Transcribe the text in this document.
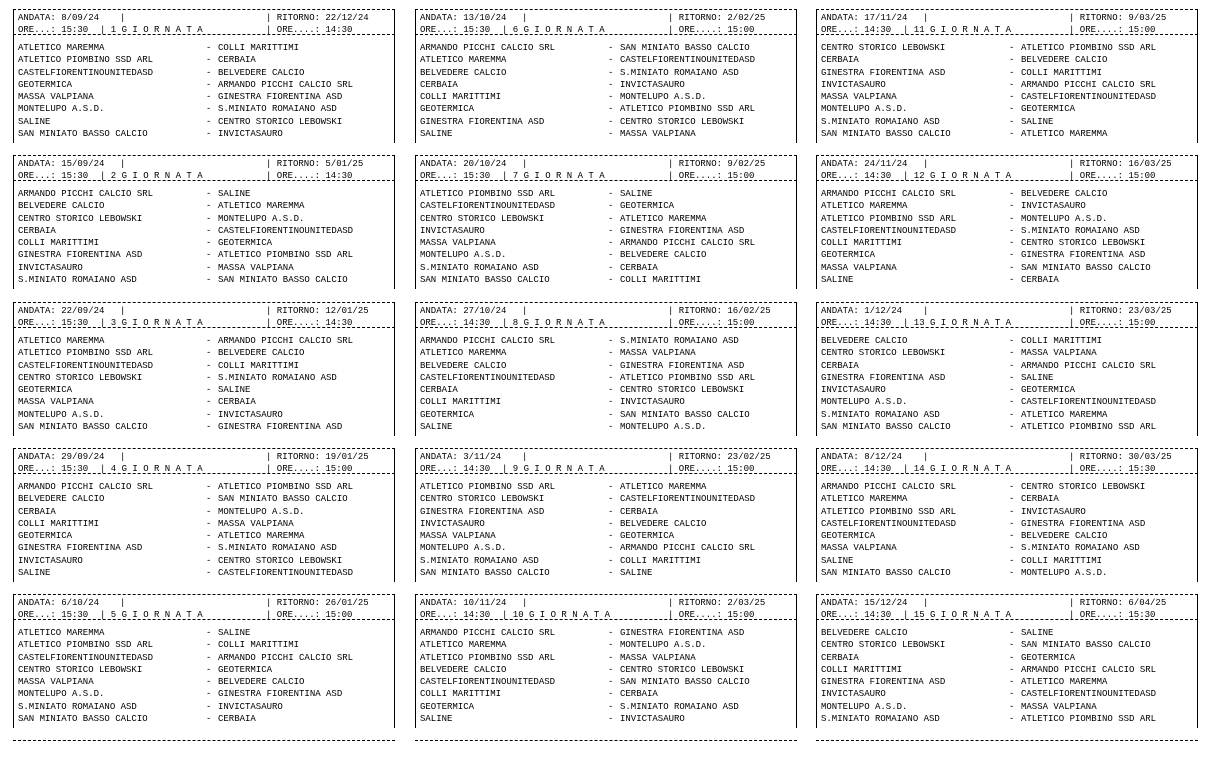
ANDATA: 8/09/24 |	| RITORNO: 22/12/24
ORE...: 15:30 | 1 G I O R N A T A	| ORE....: 14:30
ATLETICO MAREMMA	- COLLI MARITTIMI
ATLETICO PIOMBINO SSD ARL	- CERBAIA
CASTELFIORENTINOUNITEDASD	- BELVEDERE CALCIO
GEOTERMICA	- ARMANDO PICCHI CALCIO SRL
MASSA VALPIANA	- GINESTRA FIORENTINA ASD
MONTELUPO A.S.D.	- S.MINIATO ROMAIANO ASD
SALINE	- CENTRO STORICO LEBOWSKI
SAN MINIATO BASSO CALCIO	- INVICTASAURO
ANDATA: 15/09/24 |	| RITORNO: 5/01/25
ORE...: 15:30 | 2 G I O R N A T A	| ORE....: 14:30
ARMANDO PICCHI CALCIO SRL	- SALINE
BELVEDERE CALCIO	- ATLETICO MAREMMA
CENTRO STORICO LEBOWSKI	- MONTELUPO A.S.D.
CERBAIA	- CASTELFIORENTINOUNITEDASD
COLLI MARITTIMI	- GEOTERMICA
GINESTRA FIORENTINA ASD	- ATLETICO PIOMBINO SSD ARL
INVICTASAURO	- MASSA VALPIANA
S.MINIATO ROMAIANO ASD	- SAN MINIATO BASSO CALCIO
ANDATA: 22/09/24 |	| RITORNO: 12/01/25
ORE...: 15:30 | 3 G I O R N A T A	| ORE....: 14:30
ATLETICO MAREMMA	- ARMANDO PICCHI CALCIO SRL
ATLETICO PIOMBINO SSD ARL	- BELVEDERE CALCIO
CASTELFIORENTINOUNITEDASD	- COLLI MARITTIMI
CENTRO STORICO LEBOWSKI	- S.MINIATO ROMAIANO ASD
GEOTERMICA	- SALINE
MASSA VALPIANA	- CERBAIA
MONTELUPO A.S.D.	- INVICTASAURO
SAN MINIATO BASSO CALCIO	- GINESTRA FIORENTINA ASD
ANDATA: 29/09/24 |	| RITORNO: 19/01/25
ORE...: 15:30 | 4 G I O R N A T A	| ORE....: 15:00
ARMANDO PICCHI CALCIO SRL	- ATLETICO PIOMBINO SSD ARL
BELVEDERE CALCIO	- SAN MINIATO BASSO CALCIO
CERBAIA	- MONTELUPO A.S.D.
COLLI MARITTIMI	- MASSA VALPIANA
GEOTERMICA	- ATLETICO MAREMMA
GINESTRA FIORENTINA ASD	- S.MINIATO ROMAIANO ASD
INVICTASAURO	- CENTRO STORICO LEBOWSKI
SALINE	- CASTELFIORENTINOUNITEDASD
ANDATA: 6/10/24 |	| RITORNO: 26/01/25
ORE...: 15:30 | 5 G I O R N A T A	| ORE....: 15:00
ATLETICO MAREMMA	- SALINE
ATLETICO PIOMBINO SSD ARL	- COLLI MARITTIMI
CASTELFIORENTINOUNITEDASD	- ARMANDO PICCHI CALCIO SRL
CENTRO STORICO LEBOWSKI	- GEOTERMICA
MASSA VALPIANA	- BELVEDERE CALCIO
MONTELUPO A.S.D.	- GINESTRA FIORENTINA ASD
S.MINIATO ROMAIANO ASD	- INVICTASAURO
SAN MINIATO BASSO CALCIO	- CERBAIA
ANDATA: 13/10/24 |	| RITORNO: 2/02/25
ORE...: 15:30 | 6 G I O R N A T A	| ORE....: 15:00
ARMANDO PICCHI CALCIO SRL	- SAN MINIATO BASSO CALCIO
ATLETICO MAREMMA	- CASTELFIORENTINOUNITEDASD
BELVEDERE CALCIO	- S.MINIATO ROMAIANO ASD
CERBAIA	- INVICTASAURO
COLLI MARITTIMI	- MONTELUPO A.S.D.
GEOTERMICA	- ATLETICO PIOMBINO SSD ARL
GINESTRA FIORENTINA ASD	- CENTRO STORICO LEBOWSKI
SALINE	- MASSA VALPIANA
ANDATA: 20/10/24 |	| RITORNO: 9/02/25
ORE...: 15:30 | 7 G I O R N A T A	| ORE....: 15:00
ATLETICO PIOMBINO SSD ARL	- SALINE
CASTELFIORENTINOUNITEDASD	- GEOTERMICA
CENTRO STORICO LEBOWSKI	- ATLETICO MAREMMA
INVICTASAURO	- GINESTRA FIORENTINA ASD
MASSA VALPIANA	- ARMANDO PICCHI CALCIO SRL
MONTELUPO A.S.D.	- BELVEDERE CALCIO
S.MINIATO ROMAIANO ASD	- CERBAIA
SAN MINIATO BASSO CALCIO	- COLLI MARITTIMI
ANDATA: 27/10/24 |	| RITORNO: 16/02/25
ORE...: 14:30 | 8 G I O R N A T A	| ORE....: 15:00
ARMANDO PICCHI CALCIO SRL	- S.MINIATO ROMAIANO ASD
ATLETICO MAREMMA	- MASSA VALPIANA
BELVEDERE CALCIO	- GINESTRA FIORENTINA ASD
CASTELFIORENTINOUNITEDASD	- ATLETICO PIOMBINO SSD ARL
CERBAIA	- CENTRO STORICO LEBOWSKI
COLLI MARITTIMI	- INVICTASAURO
GEOTERMICA	- SAN MINIATO BASSO CALCIO
SALINE	- MONTELUPO A.S.D.
ANDATA: 3/11/24 |	| RITORNO: 23/02/25
ORE...: 14:30 | 9 G I O R N A T A	| ORE....: 15:00
ATLETICO PIOMBINO SSD ARL	- ATLETICO MAREMMA
CENTRO STORICO LEBOWSKI	- CASTELFIORENTINOUNITEDASD
GINESTRA FIORENTINA ASD	- CERBAIA
INVICTASAURO	- BELVEDERE CALCIO
MASSA VALPIANA	- GEOTERMICA
MONTELUPO A.S.D.	- ARMANDO PICCHI CALCIO SRL
S.MINIATO ROMAIANO ASD	- COLLI MARITTIMI
SAN MINIATO BASSO CALCIO	- SALINE
ANDATA: 10/11/24 |	| RITORNO: 2/03/25
ORE...: 14:30 | 10 G I O R N A T A	| ORE....: 15:00
ARMANDO PICCHI CALCIO SRL	- GINESTRA FIORENTINA ASD
ATLETICO MAREMMA	- MONTELUPO A.S.D.
ATLETICO PIOMBINO SSD ARL	- MASSA VALPIANA
BELVEDERE CALCIO	- CENTRO STORICO LEBOWSKI
CASTELFIORENTINOUNITEDASD	- SAN MINIATO BASSO CALCIO
COLLI MARITTIMI	- CERBAIA
GEOTERMICA	- S.MINIATO ROMAIANO ASD
SALINE	- INVICTASAURO
ANDATA: 17/11/24 |	| RITORNO: 9/03/25
ORE...: 14:30 | 11 G I O R N A T A	| ORE....: 15:00
CENTRO STORICO LEBOWSKI	- ATLETICO PIOMBINO SSD ARL
CERBAIA	- BELVEDERE CALCIO
GINESTRA FIORENTINA ASD	- COLLI MARITTIMI
INVICTASAURO	- ARMANDO PICCHI CALCIO SRL
MASSA VALPIANA	- CASTELFIORENTINOUNITEDASD
MONTELUPO A.S.D.	- GEOTERMICA
S.MINIATO ROMAIANO ASD	- SALINE
SAN MINIATO BASSO CALCIO	- ATLETICO MAREMMA
ANDATA: 24/11/24 |	| RITORNO: 16/03/25
ORE...: 14:30 | 12 G I O R N A T A	| ORE....: 15:00
ARMANDO PICCHI CALCIO SRL	- BELVEDERE CALCIO
ATLETICO MAREMMA	- INVICTASAURO
ATLETICO PIOMBINO SSD ARL	- MONTELUPO A.S.D.
CASTELFIORENTINOUNITEDASD	- S.MINIATO ROMAIANO ASD
COLLI MARITTIMI	- CENTRO STORICO LEBOWSKI
GEOTERMICA	- GINESTRA FIORENTINA ASD
MASSA VALPIANA	- SAN MINIATO BASSO CALCIO
SALINE	- CERBAIA
ANDATA: 1/12/24 |	| RITORNO: 23/03/25
ORE...: 14:30 | 13 G I O R N A T A	| ORE....: 15:00
BELVEDERE CALCIO	- COLLI MARITTIMI
CENTRO STORICO LEBOWSKI	- MASSA VALPIANA
CERBAIA	- ARMANDO PICCHI CALCIO SRL
GINESTRA FIORENTINA ASD	- SALINE
INVICTASAURO	- GEOTERMICA
MONTELUPO A.S.D.	- CASTELFIORENTINOUNITEDASD
S.MINIATO ROMAIANO ASD	- ATLETICO MAREMMA
SAN MINIATO BASSO CALCIO	- ATLETICO PIOMBINO SSD ARL
ANDATA: 8/12/24 |	| RITORNO: 30/03/25
ORE...: 14:30 | 14 G I O R N A T A	| ORE....: 15:30
ARMANDO PICCHI CALCIO SRL	- CENTRO STORICO LEBOWSKI
ATLETICO MAREMMA	- CERBAIA
ATLETICO PIOMBINO SSD ARL	- INVICTASAURO
CASTELFIORENTINOUNITEDASD	- GINESTRA FIORENTINA ASD
GEOTERMICA	- BELVEDERE CALCIO
MASSA VALPIANA	- S.MINIATO ROMAIANO ASD
SALINE	- COLLI MARITTIMI
SAN MINIATO BASSO CALCIO	- MONTELUPO A.S.D.
ANDATA: 15/12/24 |	| RITORNO: 6/04/25
ORE...: 14:30 | 15 G I O R N A T A	| ORE....: 15:30
BELVEDERE CALCIO	- SALINE
CENTRO STORICO LEBOWSKI	- SAN MINIATO BASSO CALCIO
CERBAIA	- GEOTERMICA
COLLI MARITTIMI	- ARMANDO PICCHI CALCIO SRL
GINESTRA FIORENTINA ASD	- ATLETICO MAREMMA
INVICTASAURO	- CASTELFIORENTINOUNITEDASD
MONTELUPO A.S.D.	- MASSA VALPIANA
S.MINIATO ROMAIANO ASD	- ATLETICO PIOMBINO SSD ARL
